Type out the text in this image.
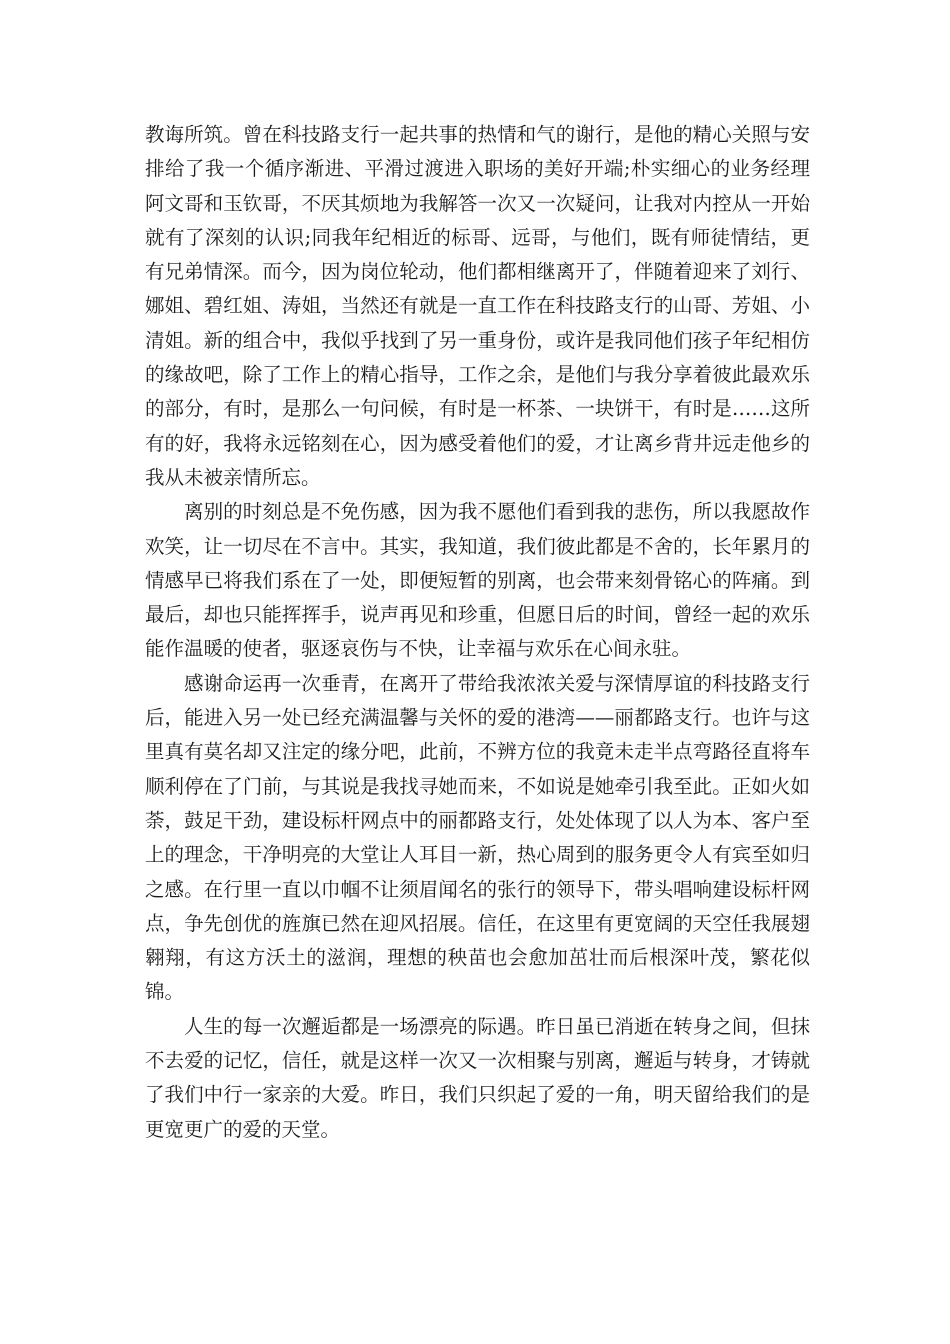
教诲所筑。曾在科技路支行一起共事的热情和气的谢行，是他的精心关照与安排给了我一个循序渐进、平滑过渡进入职场的美好开端;朴实细心的业务经理阿文哥和玉钦哥，不厌其烦地为我解答一次又一次疑问，让我对内控从一开始就有了深刻的认识;同我年纪相近的标哥、远哥，与他们，既有师徒情结，更有兄弟情深。而今，因为岗位轮动，他们都相继离开了，伴随着迎来了刘行、娜姐、碧红姐、涛姐，当然还有就是一直工作在科技路支行的山哥、芳姐、小清姐。新的组合中，我似乎找到了另一重身份，或许是我同他们孩子年纪相仿的缘故吧，除了工作上的精心指导，工作之余，是他们与我分享着彼此最欢乐的部分，有时，是那么一句问候，有时是一杯茶、一块饼干，有时是……这所有的好，我将永远铭刻在心，因为感受着他们的爱，才让离乡背井远走他乡的我从未被亲情所忘。

离别的时刻总是不免伤感，因为我不愿他们看到我的悲伤，所以我愿故作欢笑，让一切尽在不言中。其实，我知道，我们彼此都是不舍的，长年累月的情感早已将我们系在了一处，即便短暂的别离，也会带来刻骨铭心的阵痛。到最后，却也只能挥挥手，说声再见和珍重，但愿日后的时间，曾经一起的欢乐能作温暖的使者，驱逐哀伤与不快，让幸福与欢乐在心间永驻。

感谢命运再一次垂青，在离开了带给我浓浓关爱与深情厚谊的科技路支行后，能进入另一处已经充满温馨与关怀的爱的港湾——丽都路支行。也许与这里真有莫名却又注定的缘分吧，此前，不辨方位的我竟未走半点弯路径直将车顺利停在了门前，与其说是我找寻她而来，不如说是她牵引我至此。正如火如荼，鼓足干劲，建设标杆网点中的丽都路支行，处处体现了以人为本、客户至上的理念，干净明亮的大堂让人耳目一新，热心周到的服务更令人有宾至如归之感。在行里一直以巾帼不让须眉闻名的张行的领导下，带头唱响建设标杆网点，争先创优的旌旗已然在迎风招展。信任，在这里有更宽阔的天空任我展翅翱翔，有这方沃土的滋润，理想的秧苗也会愈加茁壮而后根深叶茂，繁花似锦。

人生的每一次邂逅都是一场漂亮的际遇。昨日虽已消逝在转身之间，但抹不去爱的记忆，信任，就是这样一次又一次相聚与别离，邂逅与转身，才铸就了我们中行一家亲的大爱。昨日，我们只织起了爱的一角，明天留给我们的是更宽更广的爱的天堂。
